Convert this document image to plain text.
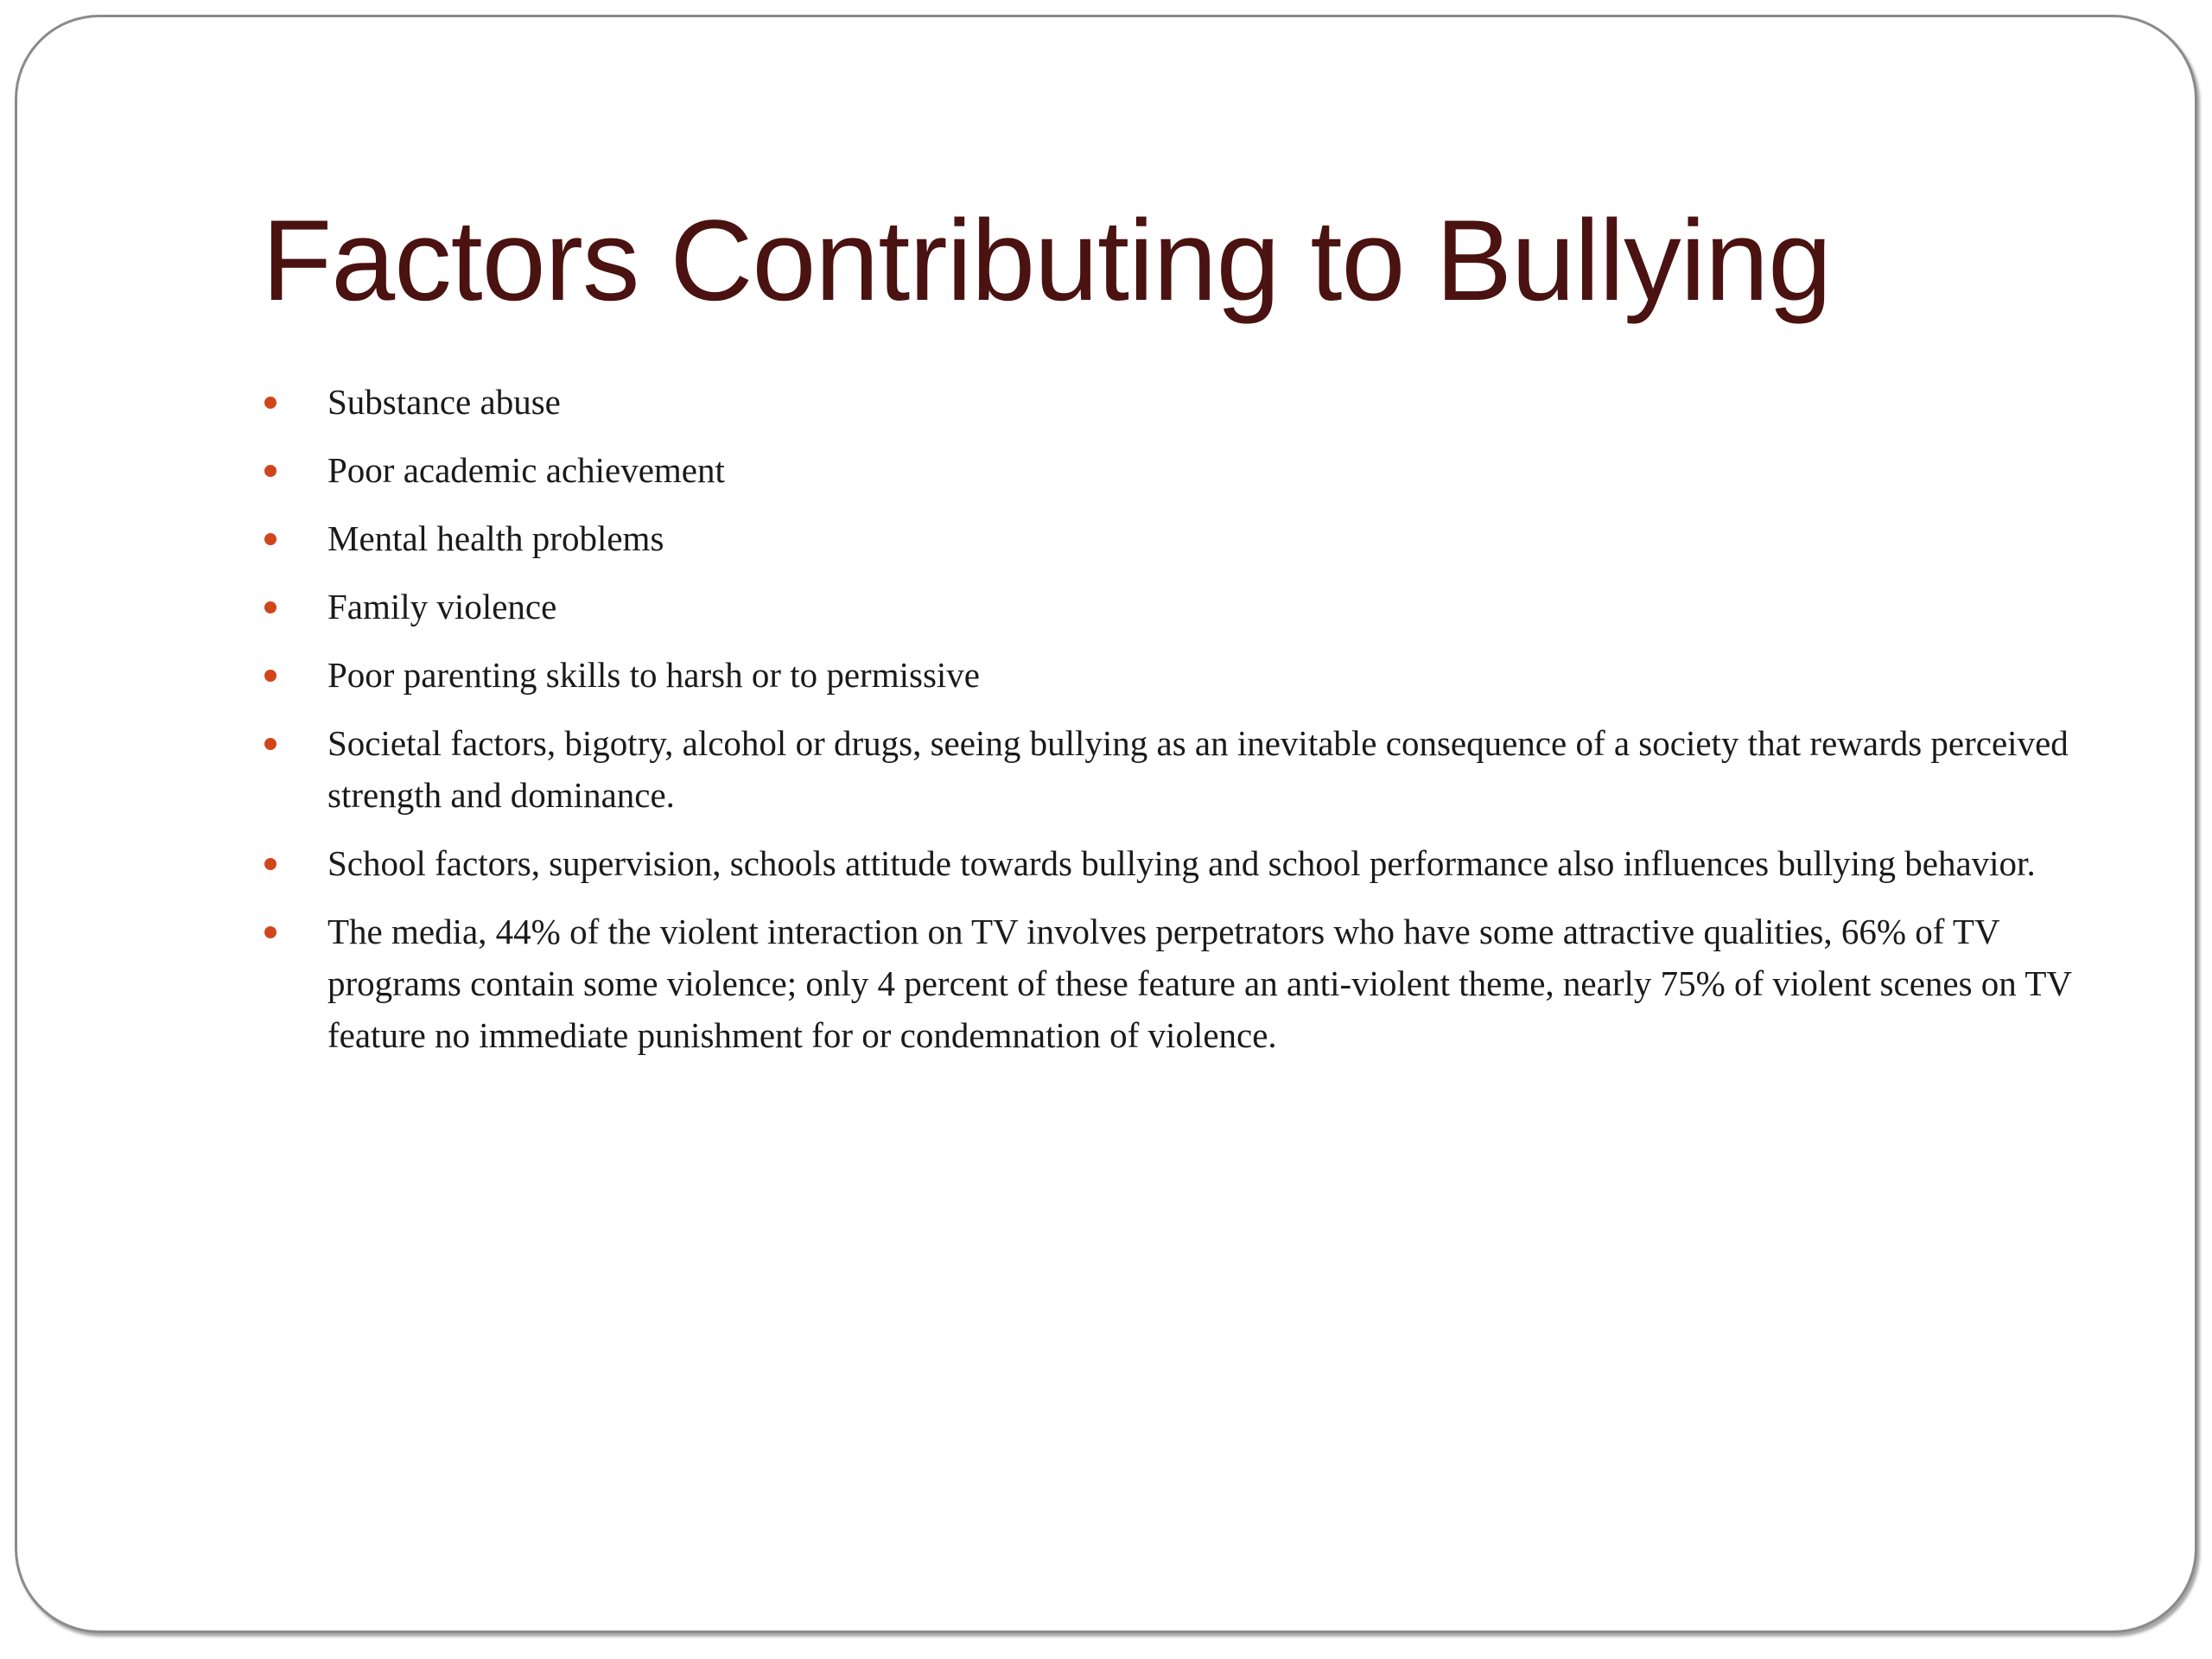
Factors Contributing to Bullying
Substance abuse
Poor academic achievement
Mental health problems
Family violence
Poor parenting skills to harsh or to permissive
Societal factors, bigotry, alcohol or drugs, seeing bullying as an inevitable consequence of a society that rewards perceived strength and dominance.
School factors, supervision, schools attitude towards bullying and school performance also influences bullying behavior.
The media, 44% of the violent interaction on TV involves perpetrators who have some attractive qualities, 66% of TV programs contain some violence; only 4 percent of these feature an anti-violent theme, nearly 75% of violent scenes on TV feature no immediate punishment for or condemnation of violence.
